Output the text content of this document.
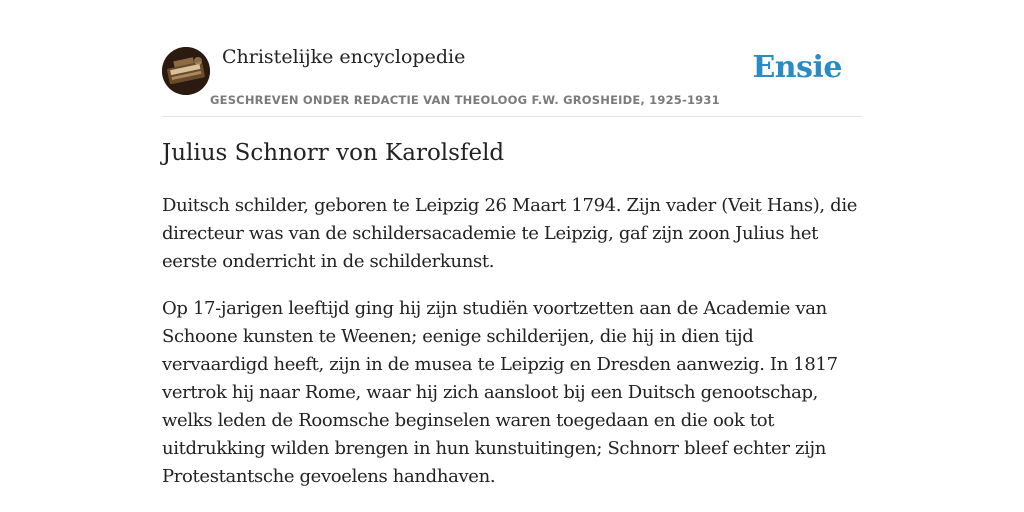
Christelijke encyclopedie
GESCHREVEN ONDER REDACTIE VAN THEOLOOG F.W. GROSHEIDE, 1925-1931
Ensie
Julius Schnorr von Karolsfeld

Duitsch schilder, geboren te Leipzig 26 Maart 1794. Zijn vader (Veit Hans), die directeur was van de schildersacademie te Leipzig, gaf zijn zoon Julius het eerste onderricht in de schilderkunst.

Op 17-jarigen leeftijd ging hij zijn studiën voortzetten aan de Academie van Schoone kunsten te Weenen; eenige schilderijen, die hij in dien tijd vervaardigd heeft, zijn in de musea te Leipzig en Dresden aanwezig. In 1817 vertrok hij naar Rome, waar hij zich aansloot bij een Duitsch genootschap, welks leden de Roomsche beginselen waren toegedaan en die ook tot uitdrukking wilden brengen in hun kunstuitingen; Schnorr bleef echter zijn Protestantsche gevoelens handhaven.
